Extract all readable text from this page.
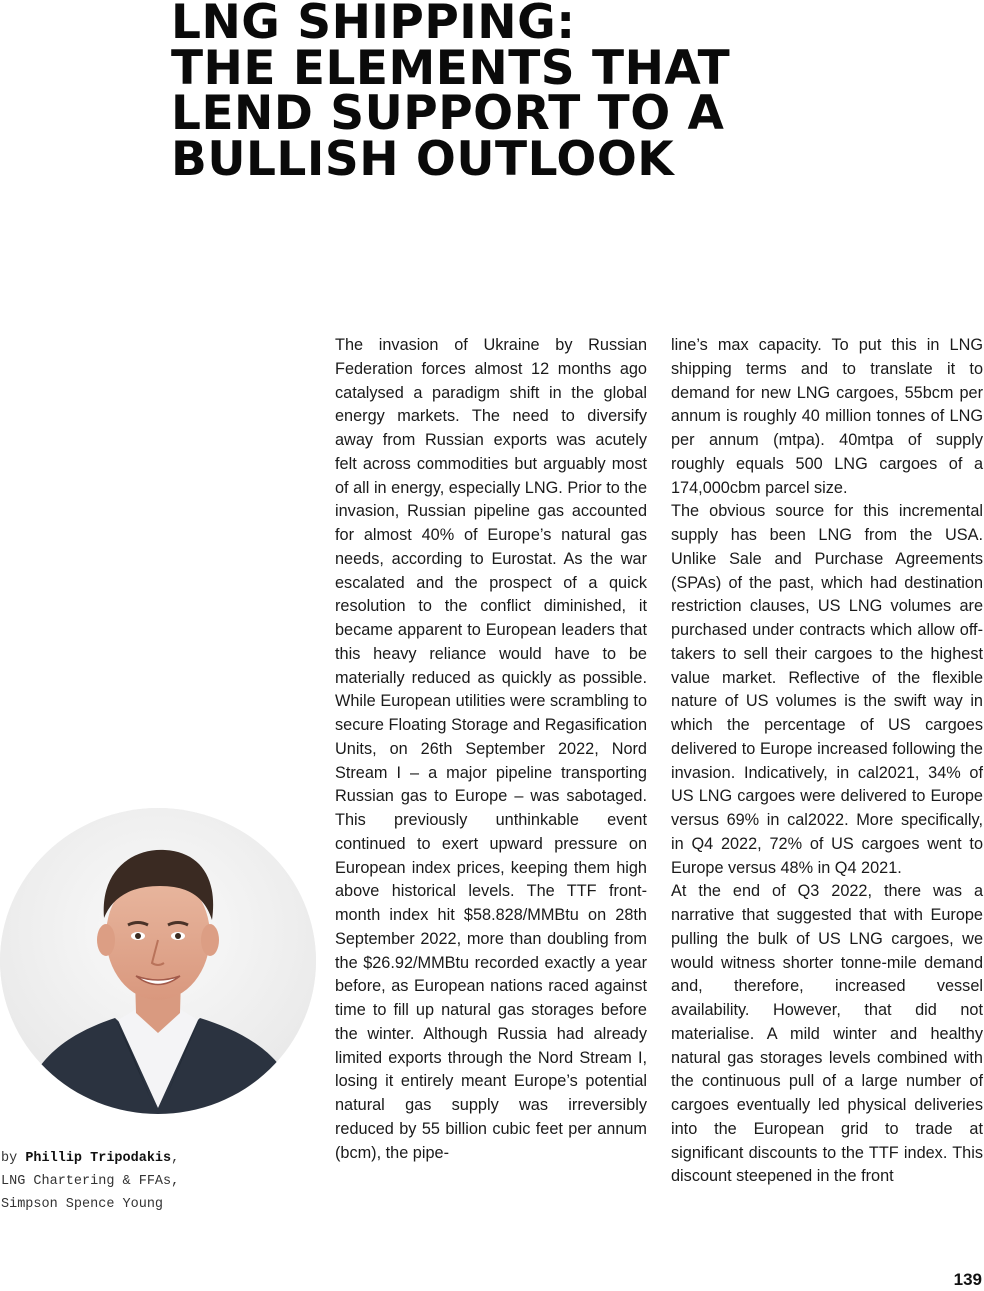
LNG SHIPPING:
THE ELEMENTS THAT
LEND SUPPORT TO A
BULLISH OUTLOOK
by Phillip Tripodakis,
LNG Chartering & FFAs,
Simpson Spence Young

The invasion of Ukraine by Russian Federation forces almost 12 months ago catalysed a paradigm shift in the global energy markets. The need to diversify away from Russian exports was acutely felt across commodities but arguably most of all in energy, especially LNG. Prior to the invasion, Russian pipeline gas accounted for almost 40% of Europe’s natural gas needs, according to Eurostat. As the war escalated and the prospect of a quick resolution to the conflict diminished, it became apparent to European leaders that this heavy reliance would have to be materially reduced as quickly as possible. While European utilities were scrambling to secure Floating Storage and Regasification Units, on 26th September 2022, Nord Stream I – a major pipeline transporting Russian gas to Europe – was sabotaged. This previously unthinkable event continued to exert upward pressure on European index prices, keeping them high above historical levels. The TTF front-month index hit $58.828/MMBtu on 28th September 2022, more than doubling from the $26.92/MMBtu recorded exactly a year before, as European nations raced against time to fill up natural gas storages before the winter. Although Russia had already limited exports through the Nord Stream I, losing it entirely meant Europe’s potential natural gas supply was irreversibly reduced by 55 billion cubic feet per annum (bcm), the pipe-

line’s max capacity. To put this in LNG shipping terms and to translate it to demand for new LNG cargoes, 55bcm per annum is roughly 40 million tonnes of LNG per annum (mtpa). 40mtpa of supply roughly equals 500 LNG cargoes of a 174,000cbm parcel size.

The obvious source for this incremental supply has been LNG from the USA. Unlike Sale and Purchase Agreements (SPAs) of the past, which had destination restriction clauses, US LNG volumes are purchased under contracts which allow off-takers to sell their cargoes to the highest value market. Reflective of the flexible nature of US volumes is the swift way in which the percentage of US cargoes delivered to Europe increased following the invasion. Indicatively, in cal2021, 34% of US LNG cargoes were delivered to Europe versus 69% in cal2022. More specifically, in Q4 2022, 72% of US cargoes went to Europe versus 48% in Q4 2021.

At the end of Q3 2022, there was a narrative that suggested that with Europe pulling the bulk of US LNG cargoes, we would witness shorter tonne-mile demand and, therefore, increased vessel availability. However, that did not materialise. A mild winter and healthy natural gas storages levels combined with the continuous pull of a large number of cargoes eventually led physical deliveries into the European grid to trade at significant discounts to the TTF index. This discount steepened in the front

139
